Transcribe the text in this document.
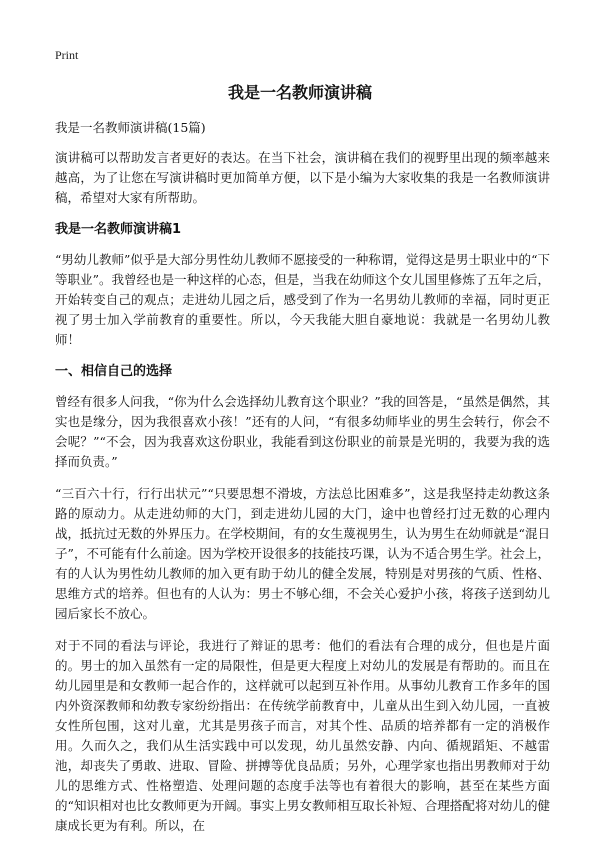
Print
我是一名教师演讲稿

我是一名教师演讲稿(15篇)

演讲稿可以帮助发言者更好的表达。在当下社会，演讲稿在我们的视野里出现的频率越来越高，为了让您在写演讲稿时更加简单方便，以下是小编为大家收集的我是一名教师演讲稿，希望对大家有所帮助。

我是一名教师演讲稿1

“男幼儿教师”似乎是大部分男性幼儿教师不愿接受的一种称谓，觉得这是男士职业中的“下等职业”。我曾经也是一种这样的心态，但是，当我在幼师这个女儿国里修炼了五年之后，开始转变自己的观点；走进幼儿园之后，感受到了作为一名男幼儿教师的幸福，同时更正视了男士加入学前教育的重要性。所以，今天我能大胆自豪地说：我就是一名男幼儿教师！

一、相信自己的选择

曾经有很多人问我，“你为什么会选择幼儿教育这个职业？”我的回答是，“虽然是偶然，其实也是缘分，因为我很喜欢小孩！”还有的人问，“有很多幼师毕业的男生会转行，你会不会呢？”“不会，因为我喜欢这份职业，我能看到这份职业的前景是光明的，我要为我的选择而负责。”

“三百六十行，行行出状元”“只要思想不滑坡，方法总比困难多”，这是我坚持走幼教这条路的原动力。从走进幼师的大门，到走进幼儿园的大门，途中也曾经打过无数的心理内战，抵抗过无数的外界压力。在学校期间，有的女生蔑视男生，认为男生在幼师就是“混日子”，不可能有什么前途。因为学校开设很多的技能技巧课，认为不适合男生学。社会上，有的人认为男性幼儿教师的加入更有助于幼儿的健全发展，特别是对男孩的气质、性格、思维方式的培养。但也有的人认为：男士不够心细，不会关心爱护小孩，将孩子送到幼儿园后家长不放心。

对于不同的看法与评论，我进行了辩证的思考：他们的看法有合理的成分，但也是片面的。男士的加入虽然有一定的局限性，但是更大程度上对幼儿的发展是有帮助的。而且在幼儿园里是和女教师一起合作的，这样就可以起到互补作用。从事幼儿教育工作多年的国内外资深教师和幼教专家纷纷指出：在传统学前教育中，儿童从出生到入幼儿园，一直被女性所包围，这对儿童，尤其是男孩子而言，对其个性、品质的培养都有一定的消极作用。久而久之，我们从生活实践中可以发现，幼儿虽然安静、内向、循规蹈矩、不越雷池，却丧失了勇敢、进取、冒险、拼搏等优良品质；另外，心理学家也指出男教师对于幼儿的思维方式、性格塑造、处理问题的态度手法等也有着很大的影响，甚至在某些方面的“知识相对也比女教师更为开阔。事实上男女教师相互取长补短、合理搭配将对幼儿的健康成长更为有利。所以，在
